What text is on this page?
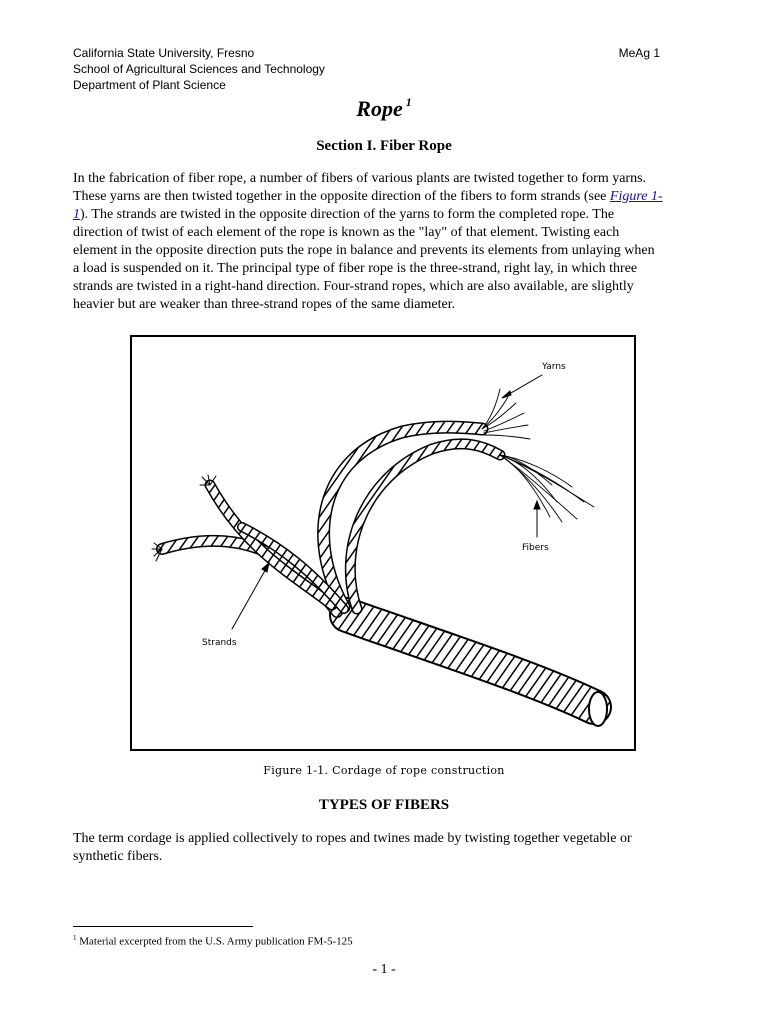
California State University, Fresno
School of Agricultural Sciences and Technology
Department of Plant Science
MeAg 1
Rope $^1$
Section I. Fiber Rope
In the fabrication of fiber rope, a number of fibers of various plants are twisted together to form yarns. These yarns are then twisted together in the opposite direction of the fibers to form strands (see Figure 1-1). The strands are twisted in the opposite direction of the yarns to form the completed rope. The direction of twist of each element of the rope is known as the "lay" of that element. Twisting each element in the opposite direction puts the rope in balance and prevents its elements from unlaying when a load is suspended on it. The principal type of fiber rope is the three-strand, right lay, in which three strands are twisted in a right-hand direction. Four-strand ropes, which are also available, are slightly heavier but are weaker than three-strand ropes of the same diameter.
Yarns
Fibers
Strands
Figure 1-1. Cordage of rope construction
TYPES OF FIBERS
The term cordage is applied collectively to ropes and twines made by twisting together vegetable or synthetic fibers.
$^1$ Material excerpted from the U.S. Army publication FM-5-125
- 1 -
